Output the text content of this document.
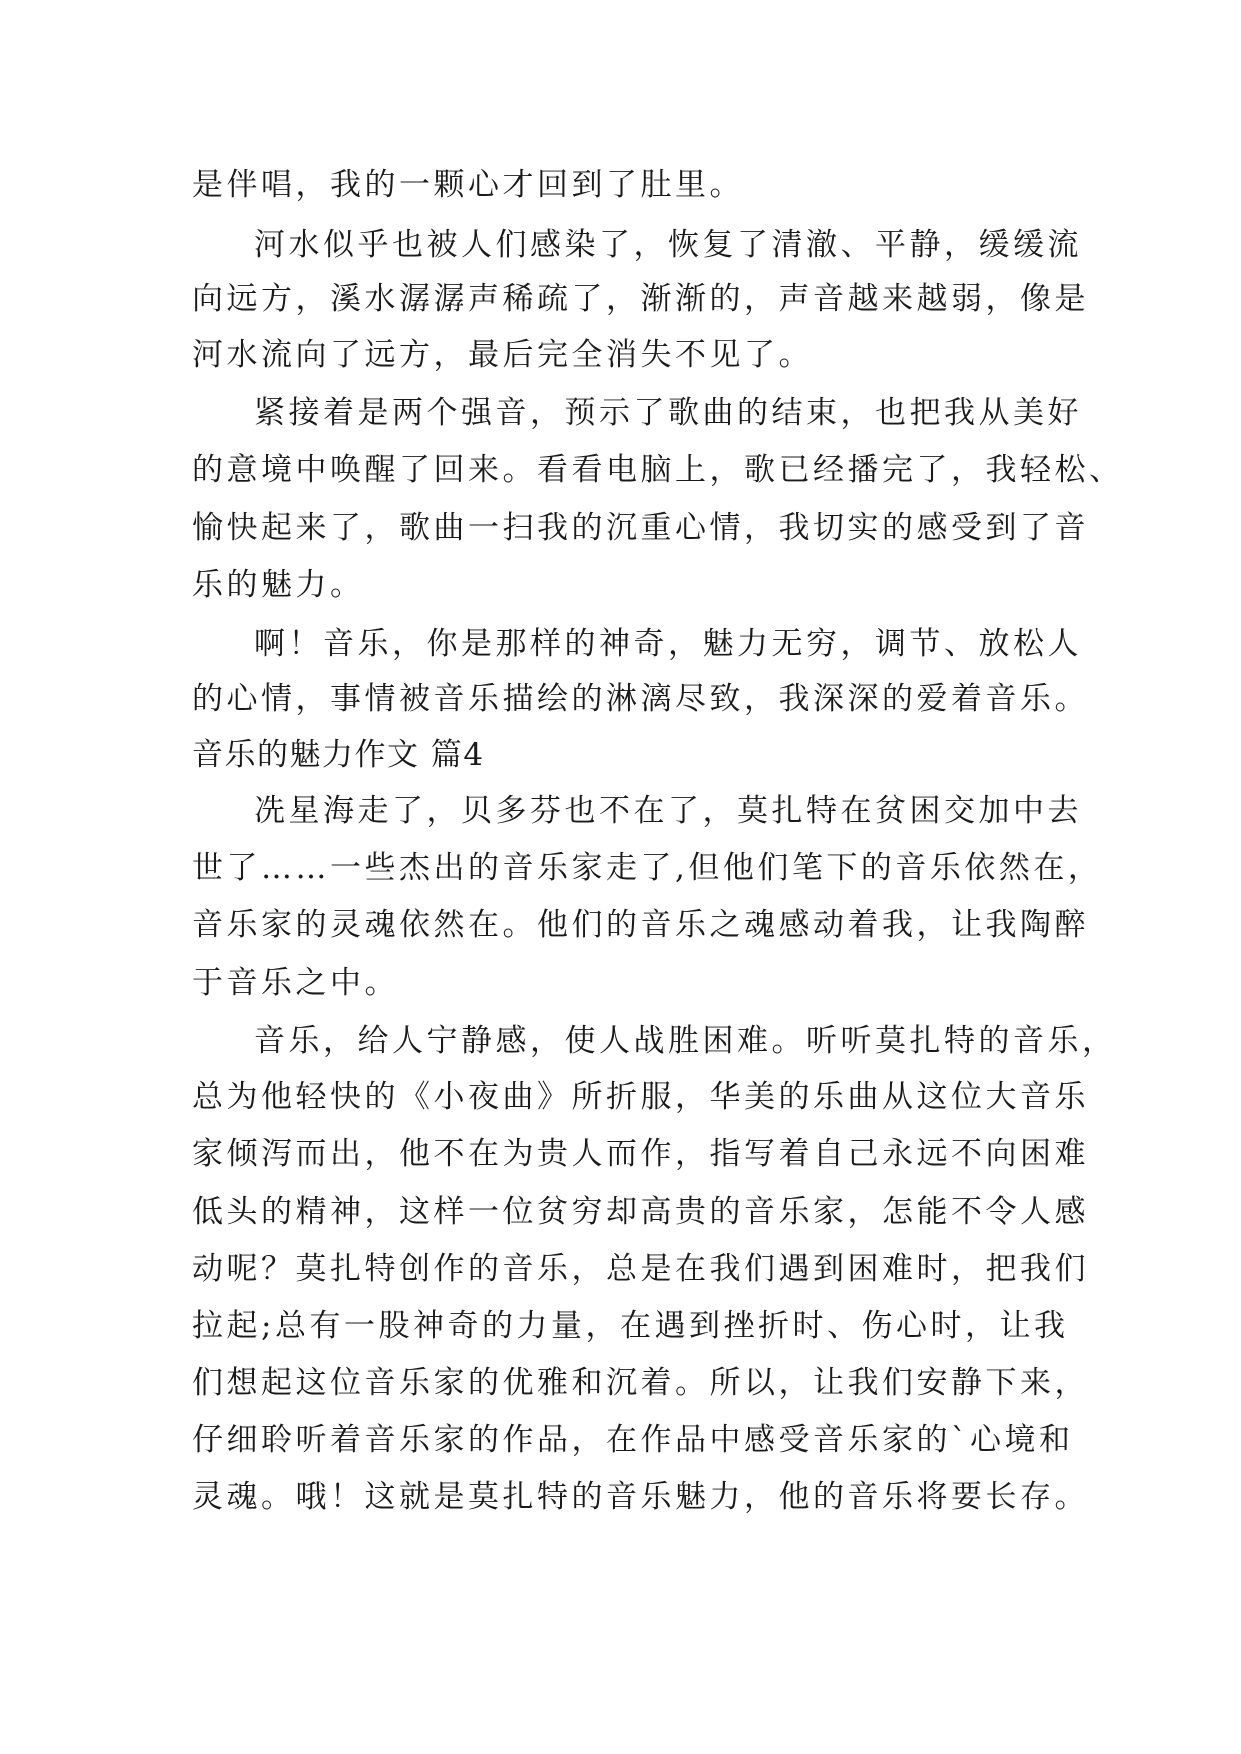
是伴唱，我的一颗心才回到了肚里。
河水似乎也被人们感染了，恢复了清澈、平静，缓缓流
向远方，溪水潺潺声稀疏了，渐渐的，声音越来越弱，像是
河水流向了远方，最后完全消失不见了。
紧接着是两个强音，预示了歌曲的结束，也把我从美好
的意境中唤醒了回来。看看电脑上，歌已经播完了，我轻松、
愉快起来了，歌曲一扫我的沉重心情，我切实的感受到了音
乐的魅力。
啊！音乐，你是那样的神奇，魅力无穷，调节、放松人
的心情，事情被音乐描绘的淋漓尽致，我深深的爱着音乐。
音乐的魅力作文 篇4
冼星海走了，贝多芬也不在了，莫扎特在贫困交加中去
世了……一些杰出的音乐家走了,但他们笔下的音乐依然在，
音乐家的灵魂依然在。他们的音乐之魂感动着我，让我陶醉
于音乐之中。
音乐，给人宁静感，使人战胜困难。听听莫扎特的音乐，
总为他轻快的《小夜曲》所折服，华美的乐曲从这位大音乐
家倾泻而出，他不在为贵人而作，指写着自己永远不向困难
低头的精神，这样一位贫穷却高贵的音乐家，怎能不令人感
动呢？莫扎特创作的音乐，总是在我们遇到困难时，把我们
拉起;总有一股神奇的力量，在遇到挫折时、伤心时，让我
们想起这位音乐家的优雅和沉着。所以，让我们安静下来，
仔细聆听着音乐家的作品，在作品中感受音乐家的`心境和
灵魂。哦！这就是莫扎特的音乐魅力，他的音乐将要长存。
